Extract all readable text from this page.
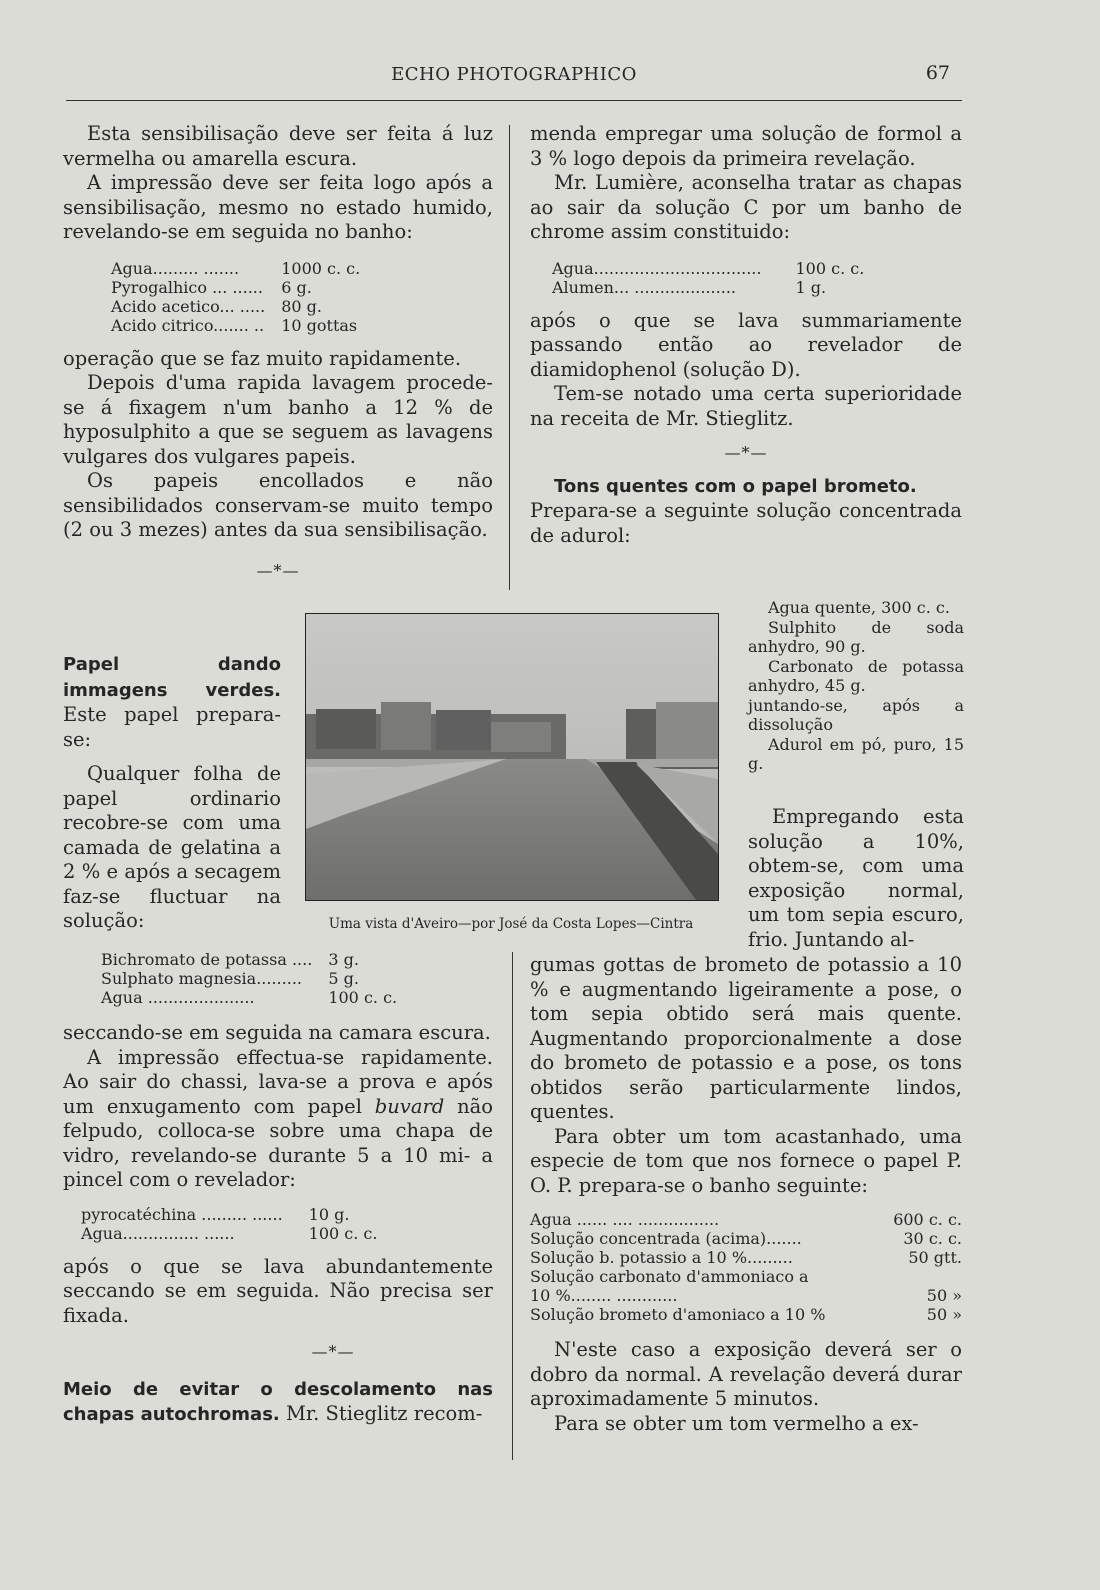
ECHO PHOTOGRAPHICO	67

Esta sensibilisação deve ser feita á luz vermelha ou amarella escura.

A impressão deve ser feita logo após a sensibilisação, mesmo no estado humido, revelando-se em seguida no banho:

Agua......... .......	1000 c. c.
Pyrogalhico ... ......	6 g.
Acido acetico... .....	80 g.
Acido citrico....... ..	10 gottas

operação que se faz muito rapidamente.

Depois d'uma rapida lavagem procede-se á fixagem n'um banho a 12 % de hyposulphito a que se seguem as lavagens vulgares dos vulgares papeis.

Os papeis encollados e não sensibilidados conservam-se muito tempo (2 ou 3 mezes) antes da sua sensibilisação.

—*—

Papel dando immagens verdes. Este papel prepara-se:

Qualquer folha de papel ordinario recobre-se com uma camada de gelatina a 2 % e após a secagem faz-se fluctuar na solução:	Uma vista d'Aveiro—por José da Costa Lopes—Cintra
Bichromato de potassa ....	3 g.
Sulphato magnesia.........	5 g.
Agua .....................	100 c. c.

seccando-se em seguida na camara escura.

A impressão effectua-se rapidamente. Ao sair do chassi, lava-se a prova e após um enxugamento com papel buvard não felpudo, colloca-se sobre uma chapa de vidro, revelando-se durante 5 a 10 mi- a pincel com o revelador:

pyrocatéchina ......... ......	10 g.
Agua............... ......	100 c. c.

após o que se lava abundantemente seccando se em seguida. Não precisa ser fixada.

—*—

Meio de evitar o descolamento nas chapas autochromas. Mr. Stieglitz recom-

menda empregar uma solução de formol a 3 % logo depois da primeira revelação.

Mr. Lumière, aconselha tratar as chapas ao sair da solução C por um banho de chrome assim constituido:

Agua.................................	100 c. c.
Alumen... ....................	1 g.

após o que se lava summariamente passando então ao revelador de diamidophenol (solução D).

Tem-se notado uma certa superioridade na receita de Mr. Stieglitz.

—*—

Tons quentes com o papel brometo.

Prepara-se a seguinte solução concentrada de adurol:

Agua quente, 300 c. c.

Sulphito de soda anhydro, 90 g.

Carbonato de potassa anhydro, 45 g.

juntando-se, após a dissolução

Adurol em pó, puro, 15 g.

Empregando esta solução a 10%, obtem-se, com uma exposição normal, um tom sepia escuro, frio. Juntando al-

gumas gottas de brometo de potassio a 10 % e augmentando ligeiramente a pose, o tom sepia obtido será mais quente. Augmentando proporcionalmente a dose do brometo de potassio e a pose, os tons obtidos serão particularmente lindos, quentes.

Para obter um tom acastanhado, uma especie de tom que nos fornece o papel P. O. P. prepara-se o banho seguinte:

Agua ...... .... ................	600 c. c.
Solução concentrada (acima).......	30 c. c.
Solução b. potassio a 10 %.........	50 gtt.
Solução carbonato d'ammoniaco a	
10 %........ ............	50 »
Solução brometo d'amoniaco a 10 %	50 »

N'este caso a exposição deverá ser o dobro da normal. A revelação deverá durar aproximadamente 5 minutos.

Para se obter um tom vermelho a ex-
